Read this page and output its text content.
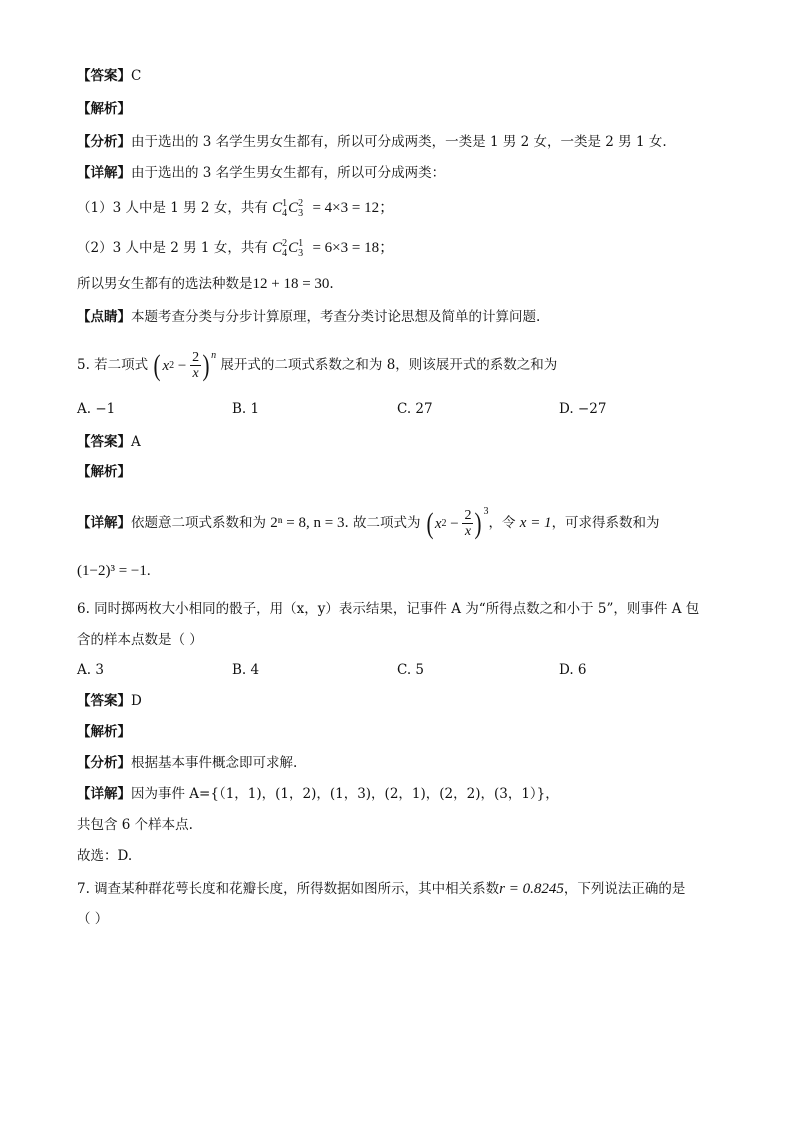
【答案】C
【解析】
【分析】由于选出的 3 名学生男女生都有，所以可分成两类，一类是 1 男 2 女，一类是 2 男 1 女.
【详解】由于选出的 3 名学生男女生都有，所以可分成两类：
（1）3 人中是 1 男 2 女，共有 $C_4^1C_3^2 = 4\times 3 = 12$；
（2）3 人中是 2 男 1 女，共有 $C_4^2C_3^1 = 6\times 3 = 18$；
所以男女生都有的选法种数是12 + 18 = 30.
【点睛】本题考查分类与分步计算原理，考查分类讨论思想及简单的计算问题.
5. 若二项式 ( x $2 - \frac{2}{x} )^n$
展开式的二项式系数之和为 8，则该展开式的系数之和为
A. −1	B. 1	C. 27	D. −27
【答案】A
【解析】
【详解】依题意二项式系数和为 2ⁿ = 8, n = 3. 故二项式为 ( x $2 - \frac{2}{x} )^3$
，令 x = 1，可求得系数和为
(1−2)³ = −1.
6. 同时掷两枚大小相同的骰子，用（x，y）表示结果，记事件 A 为“所得点数之和小于 5”，则事件 A 包
含的样本点数是（ ）
A. 3	B. 4	C. 5	D. 6
【答案】D
【解析】
【分析】根据基本事件概念即可求解.
【详解】因为事件 A={（1，1)，(1，2)，(1，3)，(2，1)，(2，2)，(3，1）}，
共包含 6 个样本点.
故选：D.
7. 调查某种群花萼长度和花瓣长度，所得数据如图所示，其中相关系数r = 0.8245，下列说法正确的是
（ ）
